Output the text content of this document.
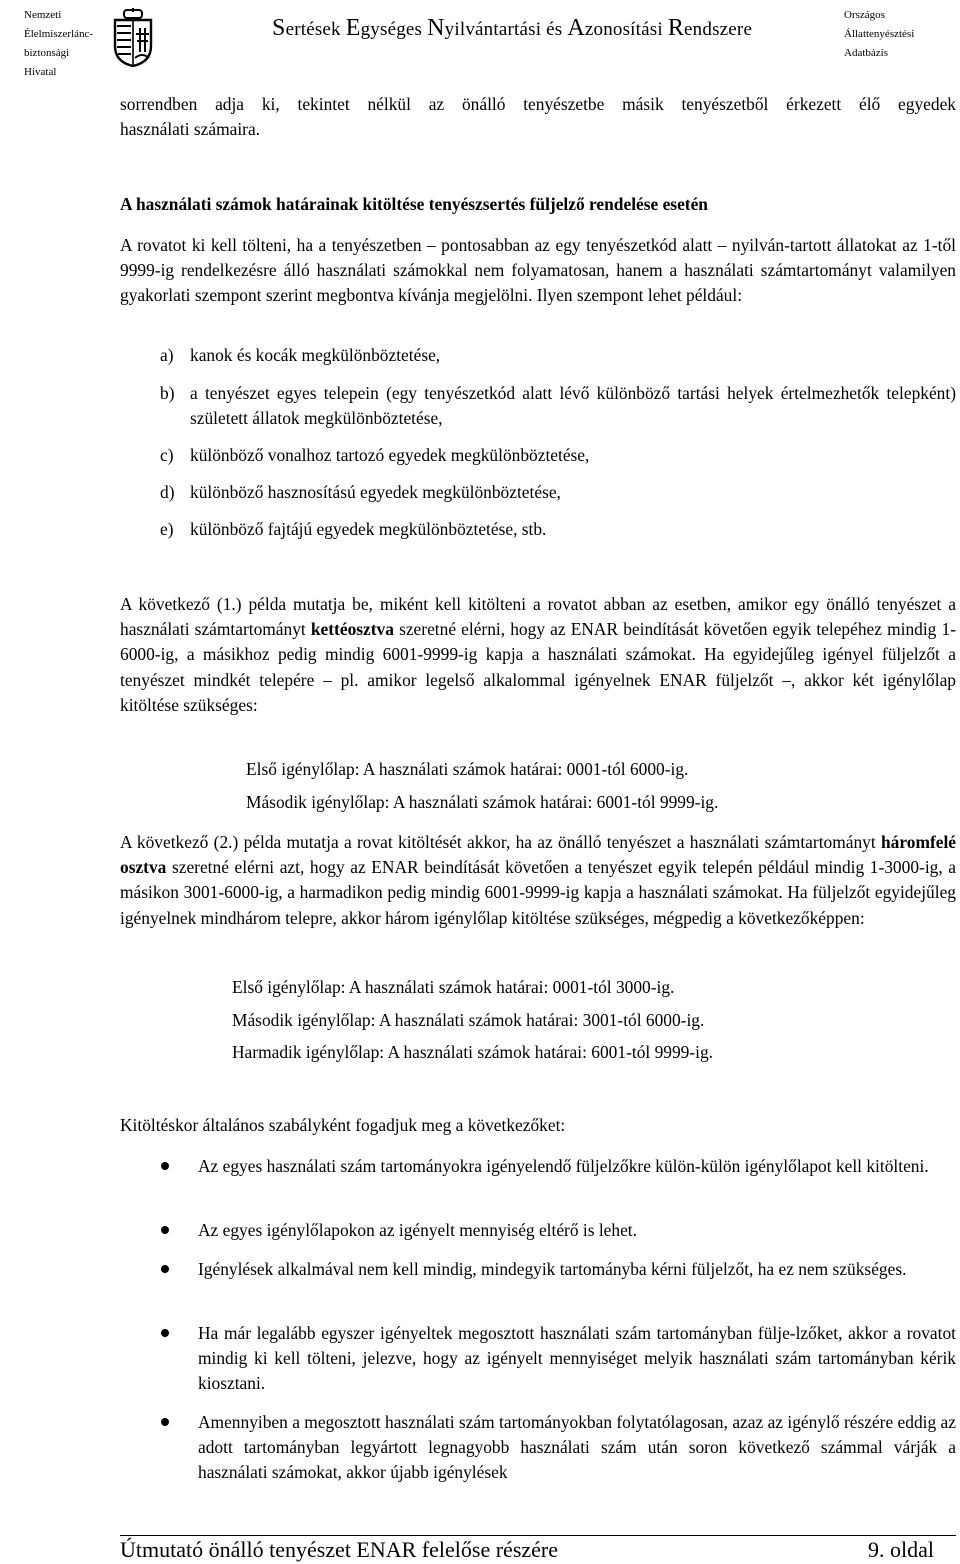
Nemzeti
Élelmiszerlánc-
biztonsági
Hivatal
Sertések Egységes Nyilvántartási és Azonosítási Rendszere
Országos
Állattenyésztési
Adatbázis
sorrendben adja ki, tekintet nélkül az önálló tenyészetbe másik tenyészetből érkezett élő egyedek
használati számaira.
A használati számok határainak kitöltése tenyészsertés füljelző rendelése esetén
A rovatot ki kell tölteni, ha a tenyészetben – pontosabban az egy tenyészetkód alatt – nyilván-tartott állatokat az 1-től 9999-ig rendelkezésre álló használati számokkal nem folyamatosan, hanem a használati számtartományt valamilyen gyakorlati szempont szerint megbontva kívánja megjelölni. Ilyen szempont lehet például:
a) kanok és kocák megkülönböztetése,
b) a tenyészet egyes telepein (egy tenyészetkód alatt lévő különböző tartási helyek értelmezhetők telepként) született állatok megkülönböztetése,
c) különböző vonalhoz tartozó egyedek megkülönböztetése,
d) különböző hasznosítású egyedek megkülönböztetése,
e) különböző fajtájú egyedek megkülönböztetése, stb.
A következő (1.) példa mutatja be, miként kell kitölteni a rovatot abban az esetben, amikor egy önálló tenyészet a használati számtartományt kettéosztva szeretné elérni, hogy az ENAR beindítását követően egyik telepéhez mindig 1-6000-ig, a másikhoz pedig mindig 6001-9999-ig kapja a használati számokat. Ha egyidejűleg igényel füljelzőt a tenyészet mindkét telepére – pl. amikor legelső alkalommal igényelnek ENAR füljelzőt –, akkor két igénylőlap kitöltése szükséges:
Első igénylőlap: A használati számok határai: 0001-tól 6000-ig.
Második igénylőlap: A használati számok határai: 6001-tól 9999-ig.
A következő (2.) példa mutatja a rovat kitöltését akkor, ha az önálló tenyészet a használati számtartományt háromfelé osztva szeretné elérni azt, hogy az ENAR beindítását követően a tenyészet egyik telepén például mindig 1-3000-ig, a másikon 3001-6000-ig, a harmadikon pedig mindig 6001-9999-ig kapja a használati számokat. Ha füljelzőt egyidejűleg igényelnek mindhárom telepre, akkor három igénylőlap kitöltése szükséges, mégpedig a következőképpen:
Első igénylőlap: A használati számok határai: 0001-tól 3000-ig.
Második igénylőlap: A használati számok határai: 3001-tól 6000-ig.
Harmadik igénylőlap: A használati számok határai: 6001-tól 9999-ig.
Kitöltéskor általános szabályként fogadjuk meg a következőket:
Az egyes használati szám tartományokra igényelendő füljelzőkre külön-külön igénylőlapot kell kitölteni.
Az egyes igénylőlapokon az igényelt mennyiség eltérő is lehet.
Igénylések alkalmával nem kell mindig, mindegyik tartományba kérni füljelzőt, ha ez nem szükséges.
Ha már legalább egyszer igényeltek megosztott használati szám tartományban fülje-lzőket, akkor a rovatot mindig ki kell tölteni, jelezve, hogy az igényelt mennyiséget melyik használati szám tartományban kérik kiosztani.
Amennyiben a megosztott használati szám tartományokban folytatólagosan, azaz az igénylő részére eddig az adott tartományban legyártott legnagyobb használati szám után soron következő számmal várják a használati számokat, akkor újabb igénylések
Útmutató önálló tenyészet ENAR felelőse részére	9. oldal
